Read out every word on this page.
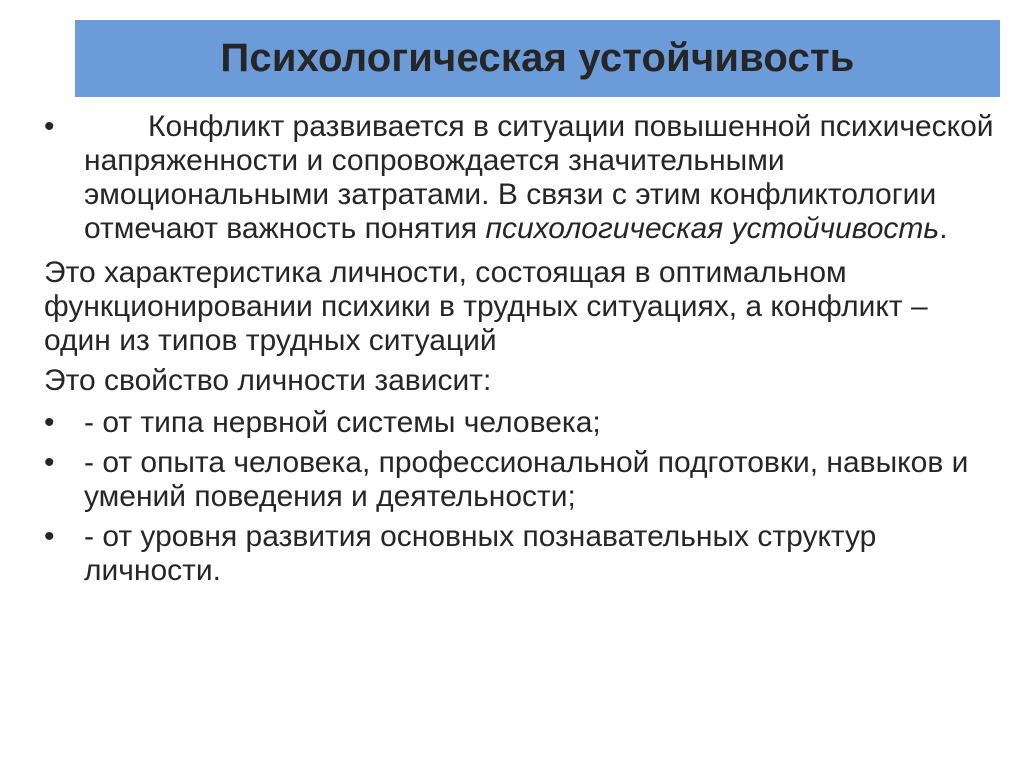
Психологическая устойчивость
•	Конфликт развивается в ситуации повышенной психической напряженности и сопровождается значительными эмоциональными затратами. В связи с этим конфликтологии отмечают важность понятия психологическая устойчивость.
Это характеристика личности, состоящая в оптимальном функционировании психики в трудных ситуациях, а конфликт – один из типов трудных ситуаций
Это свойство личности зависит:
• - от типа нервной системы человека;
• - от опыта человека, профессиональной подготовки, навыков и умений поведения и деятельности;
• - от уровня развития основных познавательных структур личности.
